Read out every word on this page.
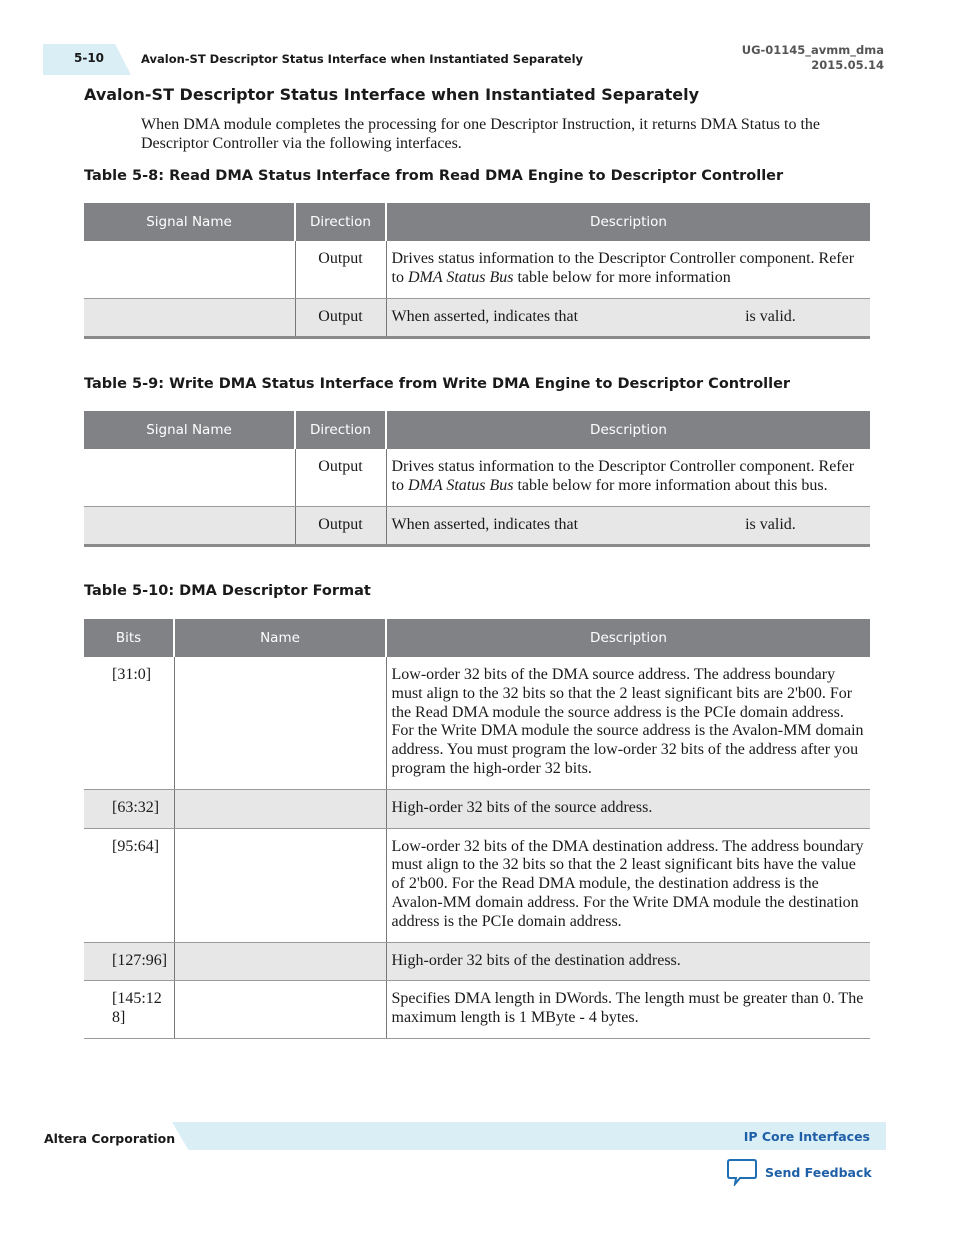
5-10	Avalon-ST Descriptor Status Interface when Instantiated Separately
UG-01145_avmm_dma
2015.05.14
Avalon-ST Descriptor Status Interface when Instantiated Separately
When DMA module completes the processing for one Descriptor Instruction, it returns DMA Status to the Descriptor Controller via the following interfaces.
Table 5-8: Read DMA Status Interface from Read DMA Engine to Descriptor Controller
Signal Name	Direction	Description
	Output	Drives status information to the Descriptor Controller component. Refer to DMA Status Bus table below for more information
	Output	When asserted, indicates that is valid.
Table 5-9: Write DMA Status Interface from Write DMA Engine to Descriptor Controller
Signal Name	Direction	Description
	Output	Drives status information to the Descriptor Controller component. Refer to DMA Status Bus table below for more information about this bus.
	Output	When asserted, indicates that is valid.
Table 5-10: DMA Descriptor Format
Bits	Name	Description
[31:0]		Low-order 32 bits of the DMA source address. The address boundary must align to the 32 bits so that the 2 least significant bits are 2'b00. For the Read DMA module the source address is the PCIe domain address. For the Write DMA module the source address is the Avalon-MM domain address. You must program the low-order 32 bits of the address after you program the high-order 32 bits.
[63:32]		High-order 32 bits of the source address.
[95:64]		Low-order 32 bits of the DMA destination address. The address boundary must align to the 32 bits so that the 2 least significant bits have the value of 2'b00. For the Read DMA module, the destination address is the Avalon-MM domain address. For the Write DMA module the destination address is the PCIe domain address.
[127:96]		High-order 32 bits of the destination address.
[145:128]		Specifies DMA length in DWords. The length must be greater than 0. The maximum length is 1 MByte - 4 bytes.
Altera Corporation	IP Core Interfaces
Send Feedback
